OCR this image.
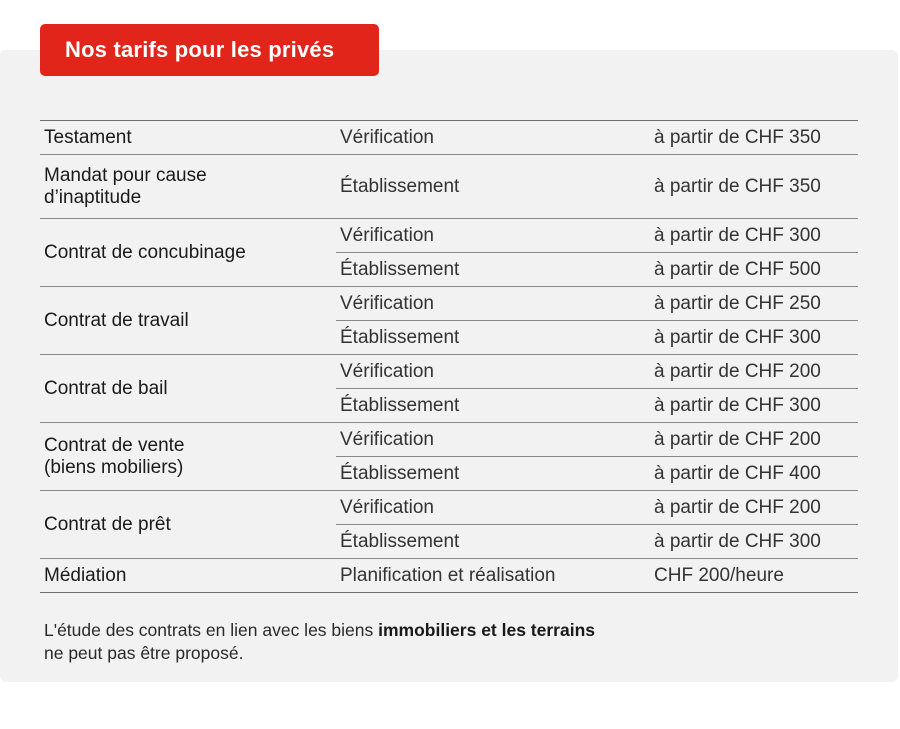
Nos tarifs pour les privés
Testament	Vérification	à partir de CHF 350
Mandat pour cause
d’inaptitude	Établissement	à partir de CHF 350
Contrat de concubinage	Vérification	à partir de CHF 300
	Établissement	à partir de CHF 500
Contrat de travail	Vérification	à partir de CHF 250
	Établissement	à partir de CHF 300
Contrat de bail	Vérification	à partir de CHF 200
	Établissement	à partir de CHF 300
Contrat de vente
(biens mobiliers)	Vérification	à partir de CHF 200
	Établissement	à partir de CHF 400
Contrat de prêt	Vérification	à partir de CHF 200
	Établissement	à partir de CHF 300
Médiation	Planification et réalisation	CHF 200/heure
L'étude des contrats en lien avec les biens immobiliers et les terrains
ne peut pas être proposé.
